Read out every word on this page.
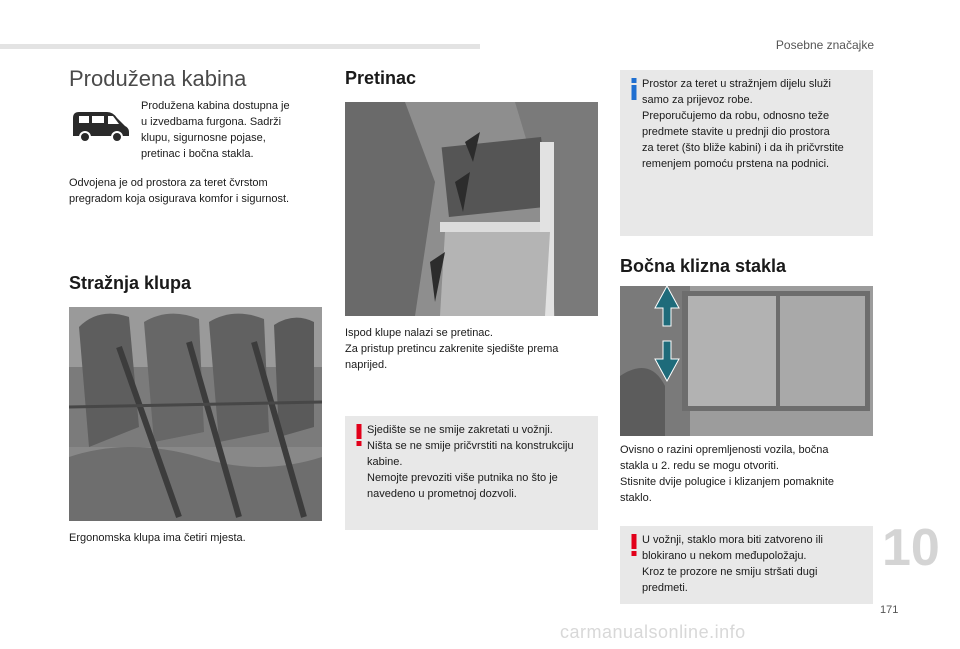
Posebne značajke
Produžena kabina
Produžena kabina dostupna je
u izvedbama furgona. Sadrži
klupu, sigurnosne pojase,
pretinac i bočna stakla.
Odvojena je od prostora za teret čvrstom
pregradom koja osigurava komfor i sigurnost.
Stražnja klupa
Ergonomska klupa ima četiri mjesta.
Pretinac
Ispod klupe nalazi se pretinac.
Za pristup pretincu zakrenite sjedište prema
naprijed.
Sjedište se ne smije zakretati u vožnji.
Ništa se ne smije pričvrstiti na konstrukciju
kabine.
Nemojte prevoziti više putnika no što je
navedeno u prometnoj dozvoli.
Prostor za teret u stražnjem dijelu služi
samo za prijevoz robe.
Preporučujemo da robu, odnosno teže
predmete stavite u prednji dio prostora
za teret (što bliže kabini) i da ih pričvrstite
remenjem pomoću prstena na podnici.
Bočna klizna stakla
Ovisno o razini opremljenosti vozila, bočna
stakla u 2. redu se mogu otvoriti.
Stisnite dvije polugice i klizanjem pomaknite
staklo.
U vožnji, staklo mora biti zatvoreno ili
blokirano u nekom međupoložaju.
Kroz te prozore ne smiju stršati dugi
predmeti.
10
171
carmanualsonline.info
